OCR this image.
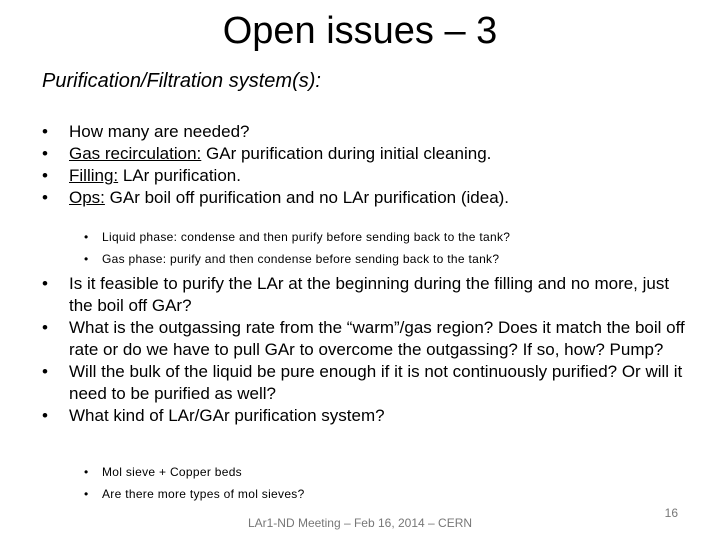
Open issues – 3
Purification/Filtration system(s):
• How many are needed?
• Gas recirculation: GAr purification during initial cleaning.
• Filling: LAr purification.
• Ops: GAr boil off purification and no LAr purification (idea).
• Liquid phase: condense and then purify before sending back to the tank?
• Gas phase: purify and then condense before sending back to the tank?
• Is it feasible to purify the LAr at the beginning during the filling and no more, just the boil off GAr?
• What is the outgassing rate from the “warm”/gas region? Does it match the boil off rate or do we have to pull GAr to overcome the outgassing? If so, how? Pump?
• Will the bulk of the liquid be pure enough if it is not continuously purified? Or will it need to be purified as well?
• What kind of LAr/GAr purification system?
• Mol sieve + Copper beds
• Are there more types of mol sieves?
LAr1-ND Meeting – Feb 16, 2014 – CERN
16
